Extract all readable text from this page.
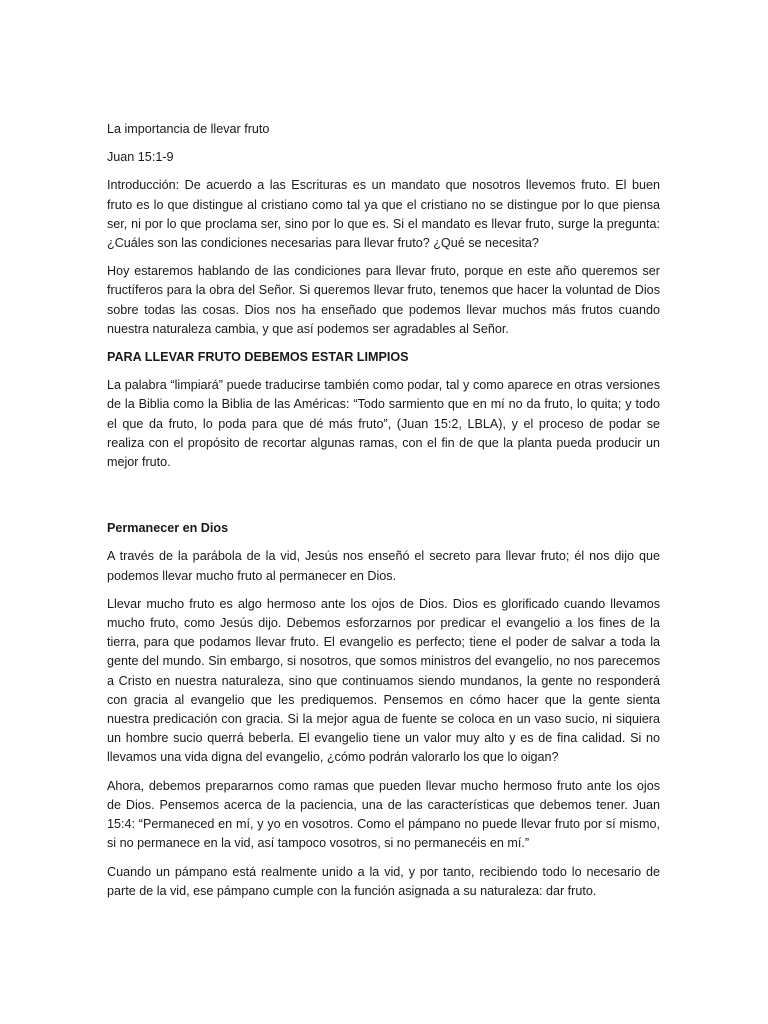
La importancia de llevar fruto

Juan 15:1-9

Introducción: De acuerdo a las Escrituras es un mandato que nosotros llevemos fruto. El buen fruto es lo que distingue al cristiano como tal ya que el cristiano no se distingue por lo que piensa ser, ni por lo que proclama ser, sino por lo que es. Si el mandato es llevar fruto, surge la pregunta: ¿Cuáles son las condiciones necesarias para llevar fruto? ¿Qué se necesita?

Hoy estaremos hablando de las condiciones para llevar fruto, porque en este año queremos ser fructíferos para la obra del Señor. Si queremos llevar fruto, tenemos que hacer la voluntad de Dios sobre todas las cosas. Dios nos ha enseñado que podemos llevar muchos más frutos cuando nuestra naturaleza cambia, y que así podemos ser agradables al Señor.

PARA LLEVAR FRUTO DEBEMOS ESTAR LIMPIOS

La palabra “limpiará” puede traducirse también como podar, tal y como aparece en otras versiones de la Biblia como la Biblia de las Américas: “Todo sarmiento que en mí no da fruto, lo quita; y todo el que da fruto, lo poda para que dé más fruto”, (Juan 15:2, LBLA), y el proceso de podar se realiza con el propósito de recortar algunas ramas, con el fin de que la planta pueda producir un mejor fruto.

Permanecer en Dios

A través de la parábola de la vid, Jesús nos enseñó el secreto para llevar fruto; él nos dijo que podemos llevar mucho fruto al permanecer en Dios.

Llevar mucho fruto es algo hermoso ante los ojos de Dios. Dios es glorificado cuando llevamos mucho fruto, como Jesús dijo. Debemos esforzarnos por predicar el evangelio a los fines de la tierra, para que podamos llevar fruto. El evangelio es perfecto; tiene el poder de salvar a toda la gente del mundo. Sin embargo, si nosotros, que somos ministros del evangelio, no nos parecemos a Cristo en nuestra naturaleza, sino que continuamos siendo mundanos, la gente no responderá con gracia al evangelio que les prediquemos. Pensemos en cómo hacer que la gente sienta nuestra predicación con gracia. Si la mejor agua de fuente se coloca en un vaso sucio, ni siquiera un hombre sucio querrá beberla. El evangelio tiene un valor muy alto y es de fina calidad. Si no llevamos una vida digna del evangelio, ¿cómo podrán valorarlo los que lo oigan?

Ahora, debemos prepararnos como ramas que pueden llevar mucho hermoso fruto ante los ojos de Dios. Pensemos acerca de la paciencia, una de las características que debemos tener. Juan 15:4: “Permaneced en mí, y yo en vosotros. Como el pámpano no puede llevar fruto por sí mismo, si no permanece en la vid, así tampoco vosotros, si no permanecéis en mí.”

Cuando un pámpano está realmente unido a la vid, y por tanto, recibiendo todo lo necesario de parte de la vid, ese pámpano cumple con la función asignada a su naturaleza: dar fruto.
